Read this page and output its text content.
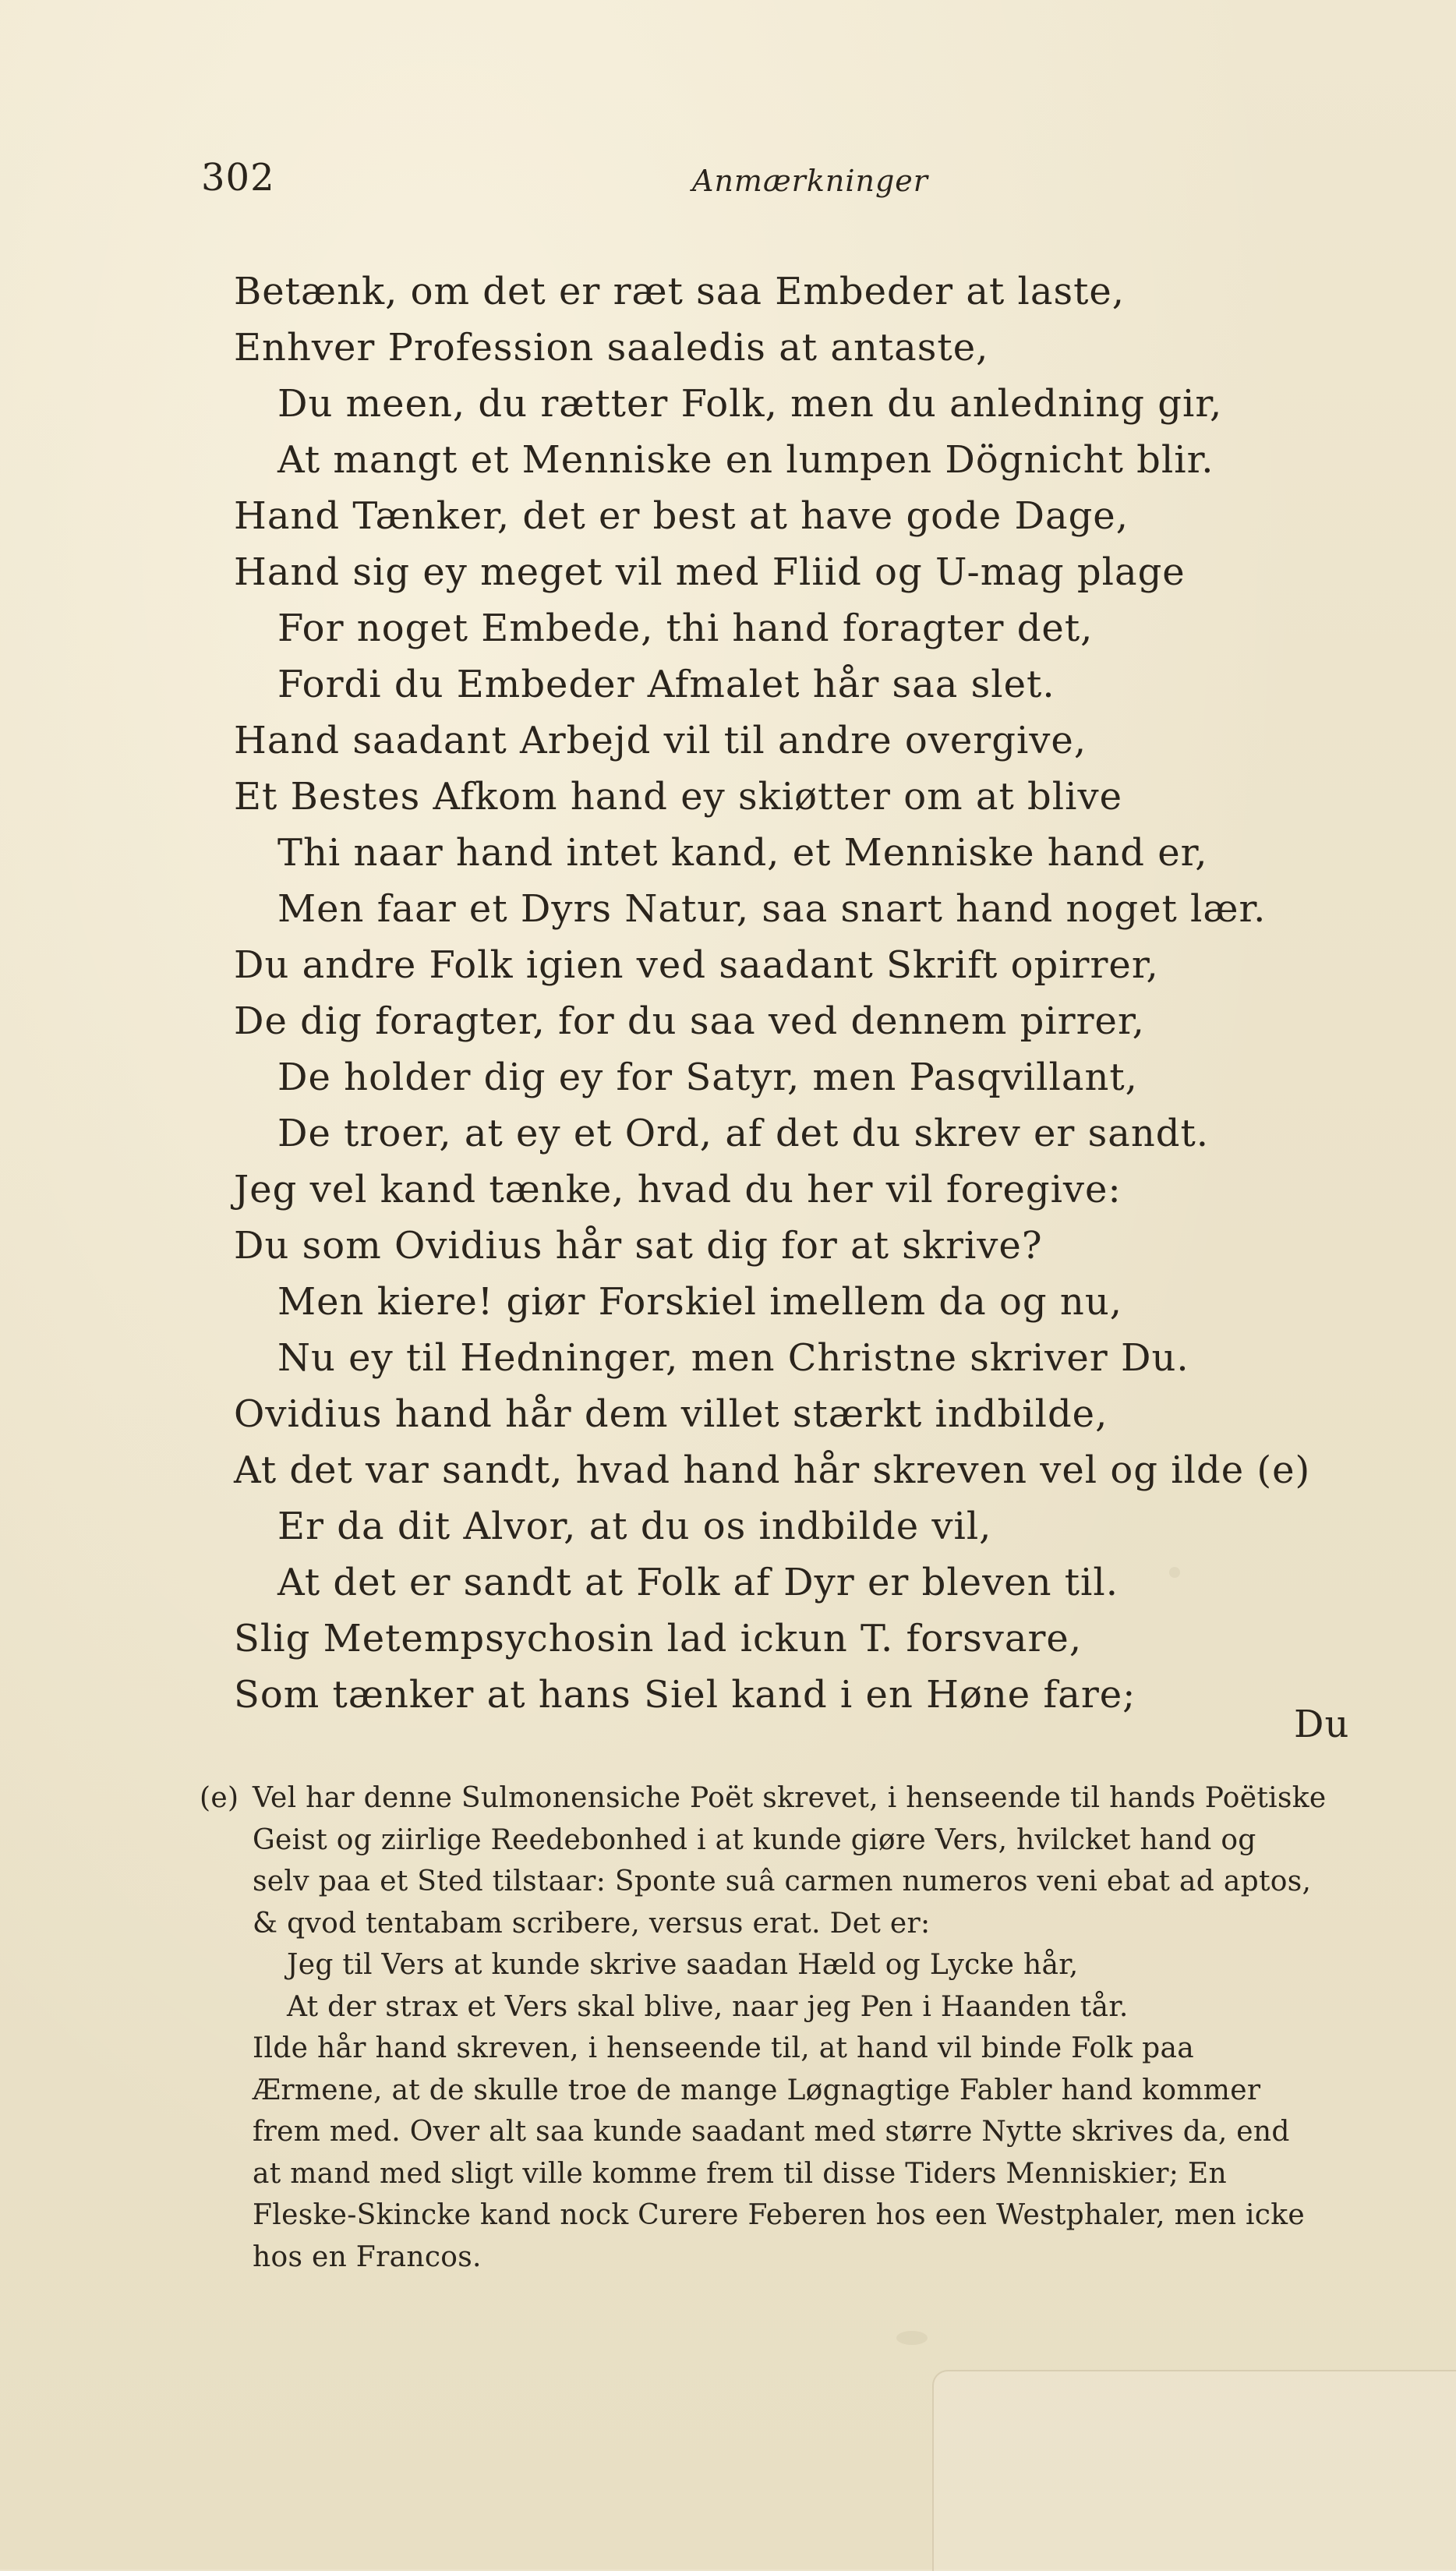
302	Anmærkninger
Betænk, om det er ræt saa Embeder at laste,
Enhver Profession saaledis at antaste,
Du meen, du rætter Folk, men du anledning gir,
At mangt et Menniske en lumpen Dögnicht blir.
Hand Tænker, det er best at have gode Dage,
Hand sig ey meget vil med Fliid og U-mag plage
For noget Embede, thi hand foragter det,
Fordi du Embeder Afmalet hår saa slet.
Hand saadant Arbejd vil til andre overgive,
Et Bestes Afkom hand ey skiøtter om at blive
Thi naar hand intet kand, et Menniske hand er,
Men faar et Dyrs Natur, saa snart hand noget lær.
Du andre Folk igien ved saadant Skrift opirrer,
De dig foragter, for du saa ved dennem pirrer,
De holder dig ey for Satyr, men Pasqvillant,
De troer, at ey et Ord, af det du skrev er sandt.
Jeg vel kand tænke, hvad du her vil foregive:
Du som Ovidius hår sat dig for at skrive?
Men kiere! giør Forskiel imellem da og nu,
Nu ey til Hedninger, men Christne skriver Du.
Ovidius hand hår dem villet stærkt indbilde,
At det var sandt, hvad hand hår skreven vel og ilde (e)
Er da dit Alvor, at du os indbilde vil,
At det er sandt at Folk af Dyr er bleven til.
Slig Metempsychosin lad ickun T. forsvare,
Som tænker at hans Siel kand i en Høne fare;
Du
(e) Vel har denne Sulmonensiche Poët skrevet, i henseende til hands Poëtiske
Geist og ziirlige Reedebonhed i at kunde giøre Vers, hvilcket hand og
selv paa et Sted tilstaar: Sponte suâ carmen numeros veni ebat ad aptos,
& qvod tentabam scribere, versus erat. Det er:
Jeg til Vers at kunde skrive saadan Hæld og Lycke hår,
At der strax et Vers skal blive, naar jeg Pen i Haanden tår.
Ilde hår hand skreven, i henseende til, at hand vil binde Folk paa
Ærmene, at de skulle troe de mange Løgnagtige Fabler hand kommer
frem med. Over alt saa kunde saadant med større Nytte skrives da, end
at mand med sligt ville komme frem til disse Tiders Menniskier; En
Fleske-Skincke kand nock Curere Feberen hos een Westphaler, men icke
hos en Francos.
